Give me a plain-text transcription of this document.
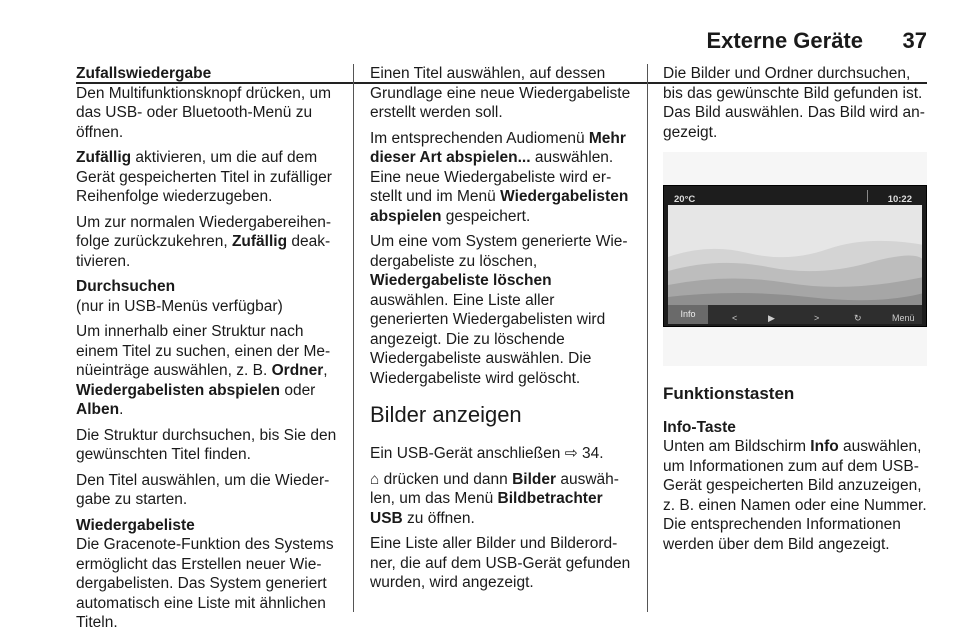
Externe Geräte 37
Zufallswiedergabe

Den Multifunktionsknopf drücken, um das USB- oder Bluetooth-Menü zu öffnen.

Zufällig aktivieren, um die auf dem Gerät gespeicherten Titel in zufälliger Reihenfolge wiederzugeben.

Um zur normalen Wiedergabereihenfolge zurückzukehren, Zufällig deaktivieren.

Durchsuchen

(nur in USB-Menüs verfügbar)

Um innerhalb einer Struktur nach einem Titel zu suchen, einen der Menüeinträge auswählen, z. B. Ordner, Wiedergabelisten abspielen oder Alben.

Die Struktur durchsuchen, bis Sie den gewünschten Titel finden.

Den Titel auswählen, um die Wiedergabe zu starten.

Wiedergabeliste

Die Gracenote-Funktion des Systems ermöglicht das Erstellen neuer Wiedergabelisten. Das System generiert automatisch eine Liste mit ähnlichen Titeln.

Einen Titel auswählen, auf dessen Grundlage eine neue Wiedergabeliste erstellt werden soll.

Im entsprechenden Audiomenü Mehr dieser Art abspielen... auswählen. Eine neue Wiedergabeliste wird erstellt und im Menü Wiedergabelisten abspielen gespeichert.

Um eine vom System generierte Wiedergabeliste zu löschen, Wiedergabeliste löschen auswählen. Eine Liste aller generierten Wiedergabelisten wird angezeigt. Die zu löschende Wiedergabeliste auswählen. Die Wiedergabeliste wird gelöscht.

Bilder anzeigen

Ein USB-Gerät anschließen ⇨ 34.

⌂ drücken und dann Bilder auswählen, um das Menü Bildbetrachter USB zu öffnen.

Eine Liste aller Bilder und Bilderordner, die auf dem USB-Gerät gefunden wurden, wird angezeigt.

Die Bilder und Ordner durchsuchen, bis das gewünschte Bild gefunden ist. Das Bild auswählen. Das Bild wird angezeigt.

20°C	10:22
Info	<	▶	>	↻	Menü
Funktionstasten
Info-Taste

Unten am Bildschirm Info auswählen, um Informationen zum auf dem USB-Gerät gespeicherten Bild anzuzeigen, z. B. einen Namen oder eine Nummer. Die entsprechenden Informationen werden über dem Bild angezeigt.
